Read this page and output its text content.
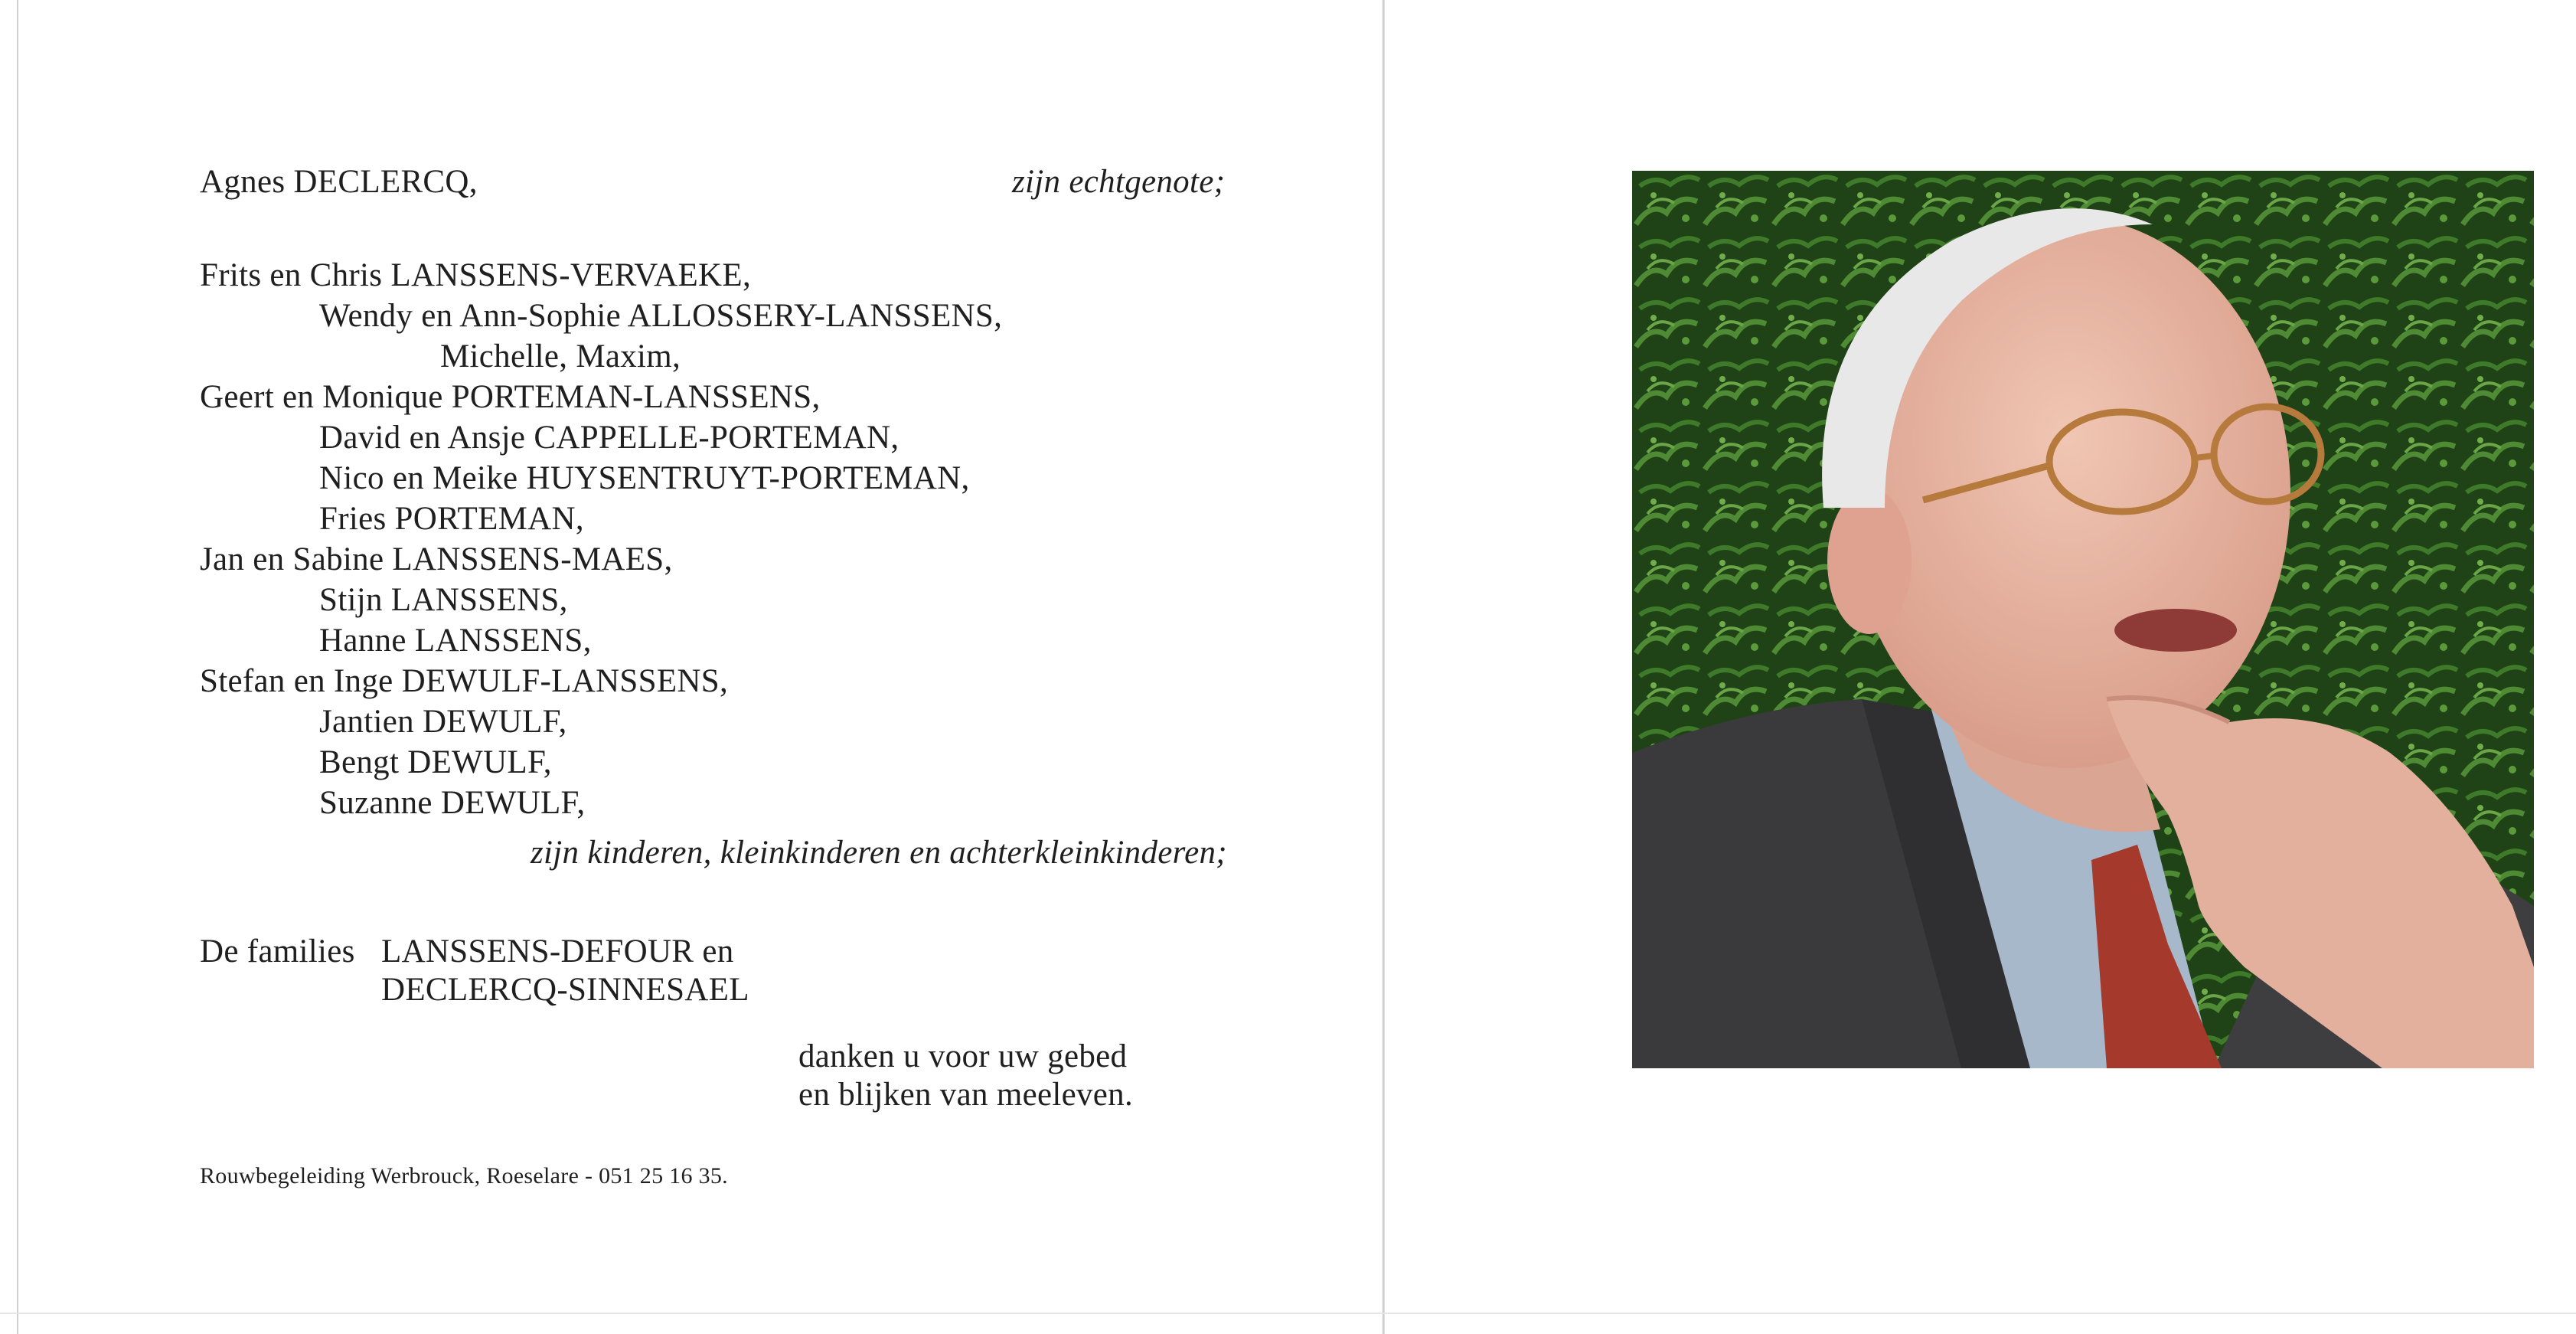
Agnes DECLERCQ,	zijn echtgenote;
Frits en Chris LANSSENS-VERVAEKE,
Wendy en Ann-Sophie ALLOSSERY-LANSSENS,
Michelle, Maxim,
Geert en Monique PORTEMAN-LANSSENS,
David en Ansje CAPPELLE-PORTEMAN,
Nico en Meike HUYSENTRUYT-PORTEMAN,
Fries PORTEMAN,
Jan en Sabine LANSSENS-MAES,
Stijn LANSSENS,
Hanne LANSSENS,
Stefan en Inge DEWULF-LANSSENS,
Jantien DEWULF,
Bengt DEWULF,
Suzanne DEWULF,
zijn kinderen, kleinkinderen en achterkleinkinderen;
De families LANSSENS-DEFOUR en
DECLERCQ-SINNESAEL
danken u voor uw gebed
en blijken van meeleven.
Rouwbegeleiding Werbrouck, Roeselare - 051 25 16 35.
